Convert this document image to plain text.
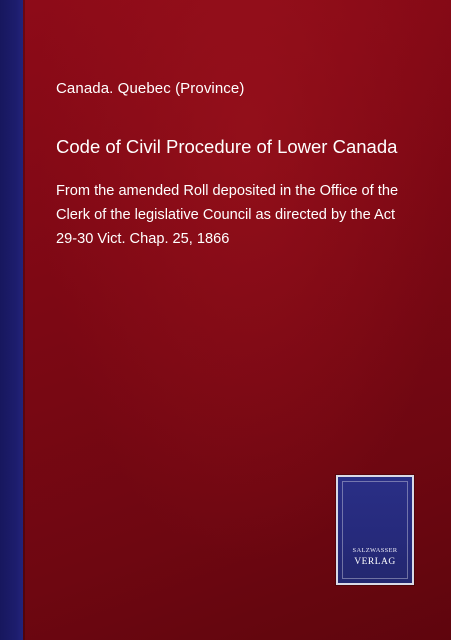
Canada. Quebec (Province)
Code of Civil Procedure of Lower Canada
From the amended Roll deposited in the Office of the
Clerk of the legislative Council as directed by the Act
29-30 Vict. Chap. 25, 1866
SALZWASSER
VERLAG
